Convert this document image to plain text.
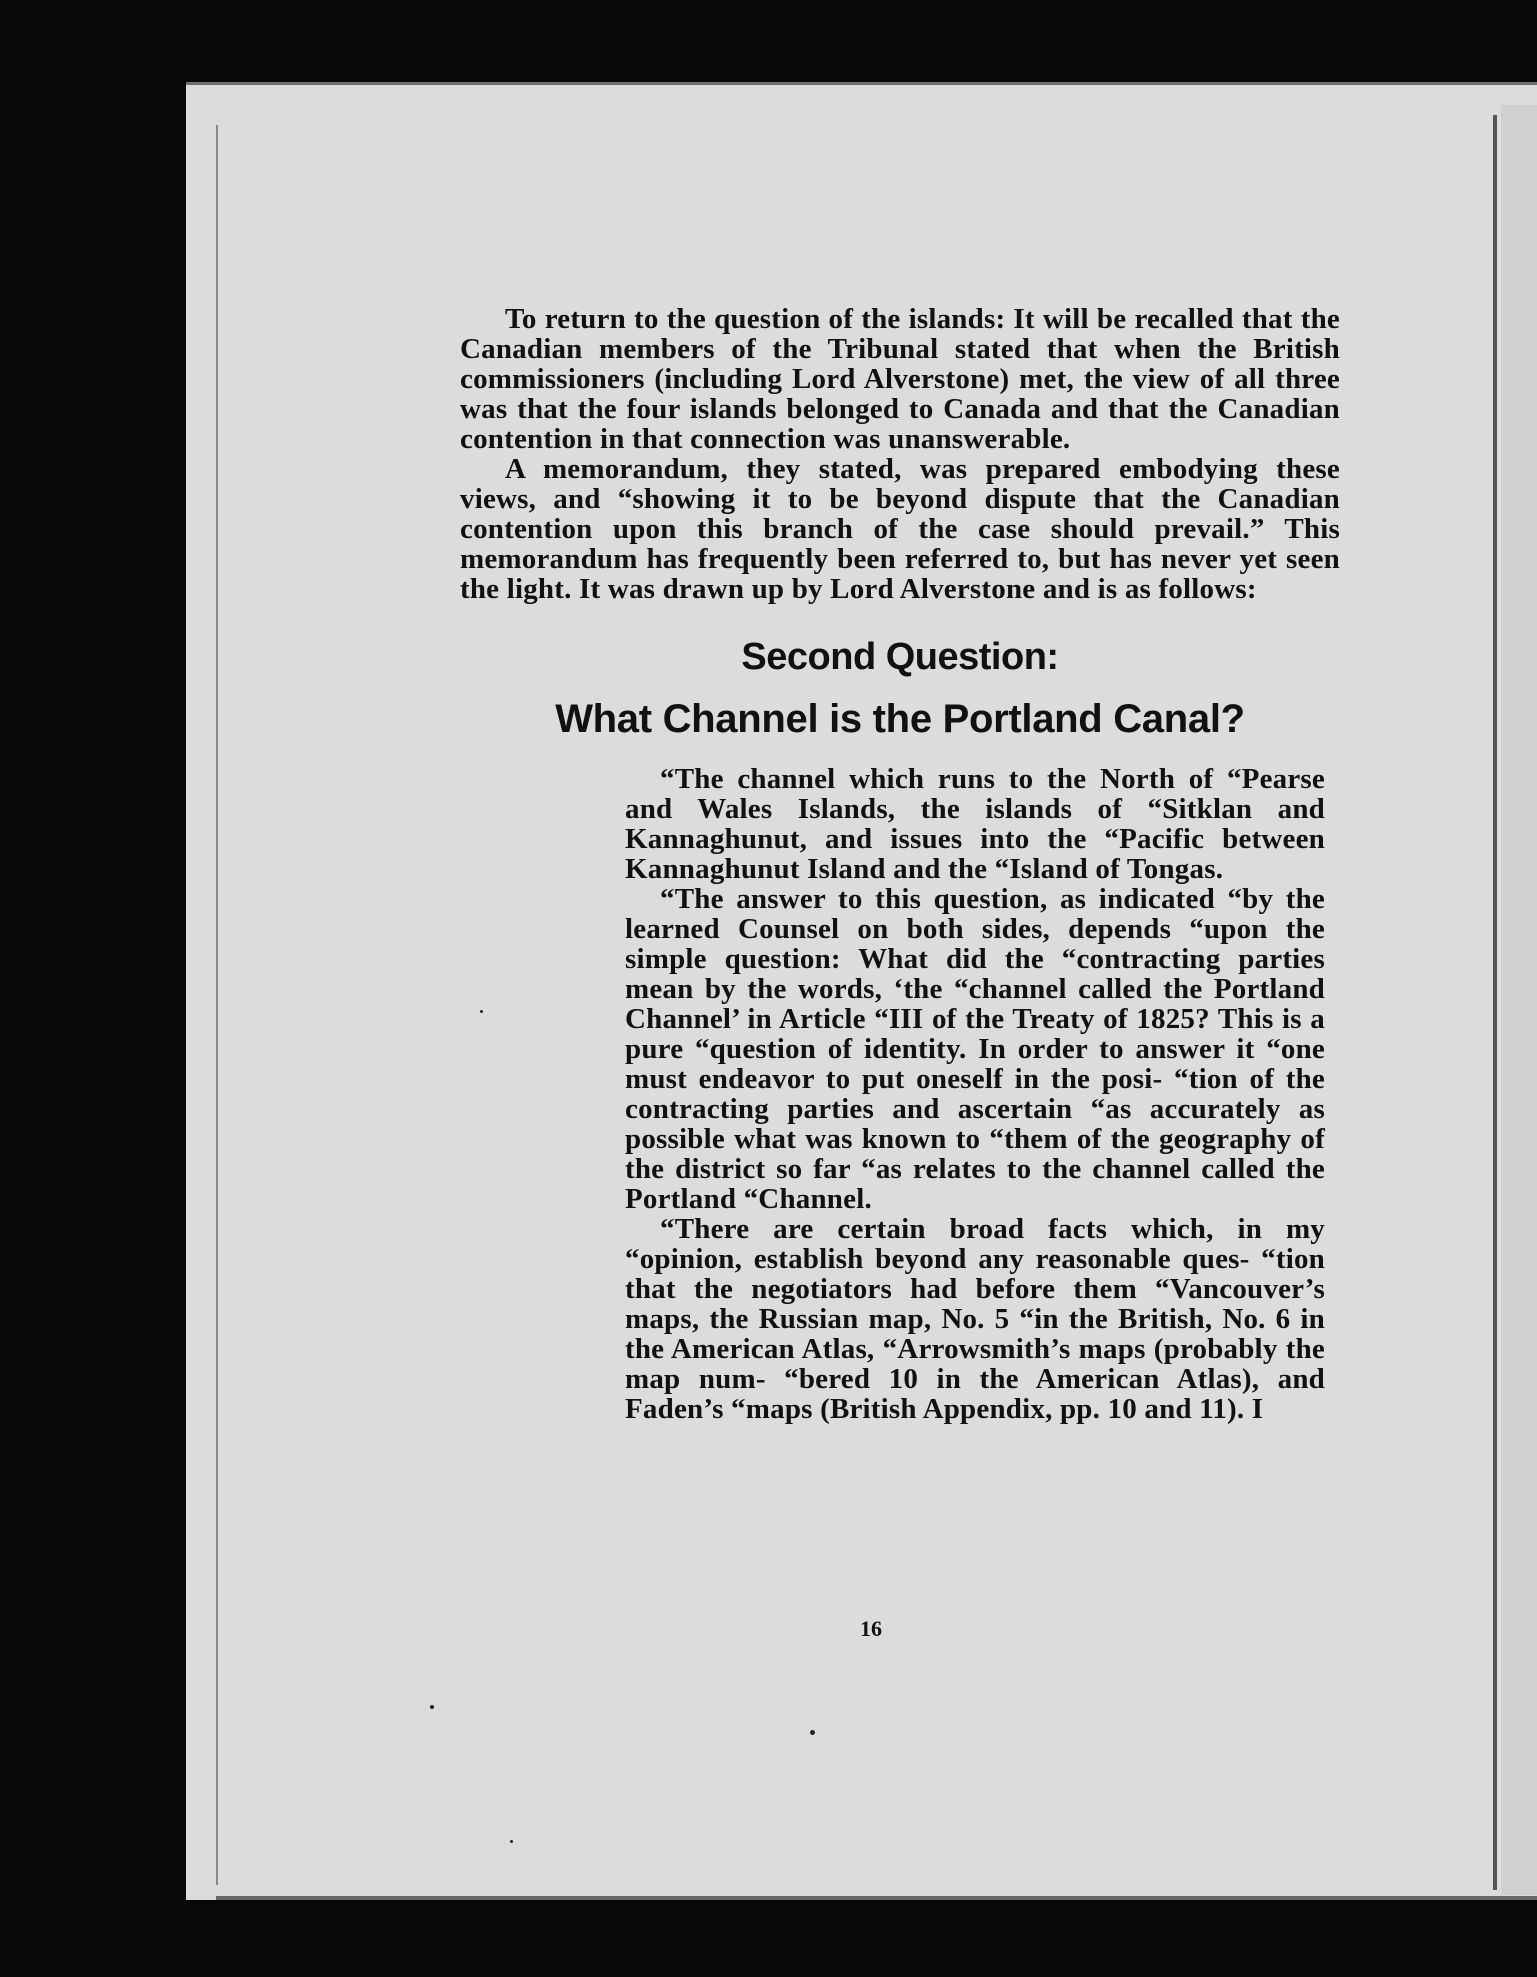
To return to the question of the islands: It will be recalled that the Canadian members of the Tribunal stated that when the British commissioners (including Lord Alverstone) met, the view of all three was that the four islands belonged to Canada and that the Canadian contention in that connection was unanswerable.

A memorandum, they stated, was prepared embodying these views, and “showing it to be beyond dispute that the Canadian contention upon this branch of the case should prevail.” This memorandum has frequently been referred to, but has never yet seen the light. It was drawn up by Lord Alverstone and is as follows:

Second Question:

What Channel is the Portland Canal?

“The channel which runs to the North of “Pearse and Wales Islands, the islands of “Sitklan and Kannaghunut, and issues into the “Pacific between Kannaghunut Island and the “Island of Tongas.

“The answer to this question, as indicated “by the learned Counsel on both sides, depends “upon the simple question: What did the “contracting parties mean by the words, ‘the “channel called the Portland Channel’ in Article “III of the Treaty of 1825? This is a pure “question of identity. In order to answer it “one must endeavor to put oneself in the posi- “tion of the contracting parties and ascertain “as accurately as possible what was known to “them of the geography of the district so far “as relates to the channel called the Portland “Channel.

“There are certain broad facts which, in my “opinion, establish beyond any reasonable ques- “tion that the negotiators had before them “Vancouver’s maps, the Russian map, No. 5 “in the British, No. 6 in the American Atlas, “Arrowsmith’s maps (probably the map num- “bered 10 in the American Atlas), and Faden’s “maps (British Appendix, pp. 10 and 11). I

16
